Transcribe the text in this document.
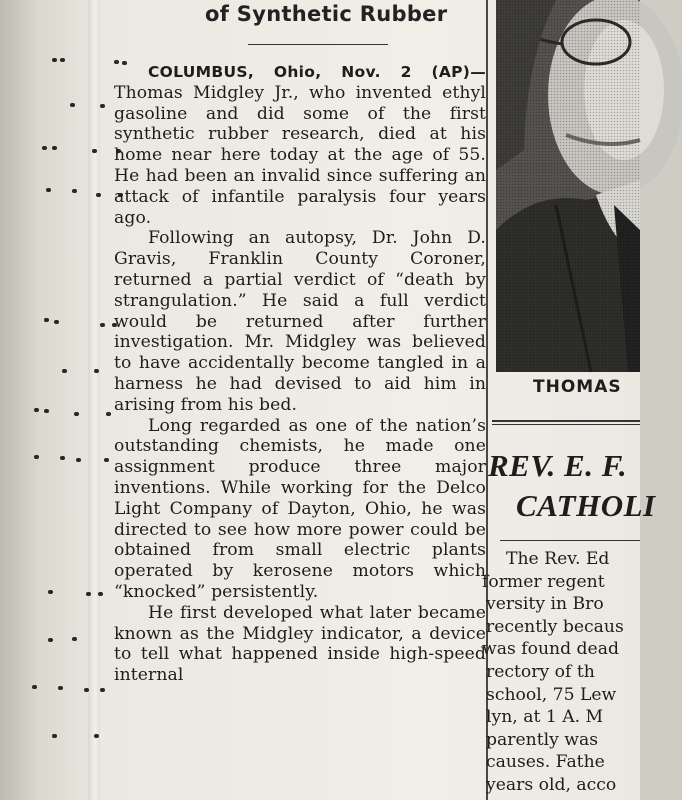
of Synthetic Rubber

COLUMBUS, Ohio, Nov. 2 (AP)—Thomas Midgley Jr., who invented ethyl gasoline and did some of the first synthetic rubber research, died at his home near here today at the age of 55. He had been an invalid since suffering an attack of infantile paralysis four years ago.

Following an autopsy, Dr. John D. Gravis, Franklin County Coroner, returned a partial verdict of “death by strangulation.” He said a full verdict would be returned after further investigation. Mr. Midgley was believed to have accidentally become tangled in a harness he had devised to aid him in arising from his bed.

Long regarded as one of the nation’s outstanding chemists, he made one assignment produce three major inventions. While working for the Delco Light Company of Dayton, Ohio, he was directed to see how more power could be obtained from small electric plants operated by kerosene motors which “knocked” persistently.

He first developed what later became known as the Midgley indicator, a device to tell what happened inside high-speed internal

THOMAS
REV. E. F.
CATHOLI
The Rev. Ed
former regent
versity in Bro
recently becaus
was found dead
rectory of th
school, 75 Lew
lyn, at 1 A. M
parently was
causes. Fathe
years old, acco
